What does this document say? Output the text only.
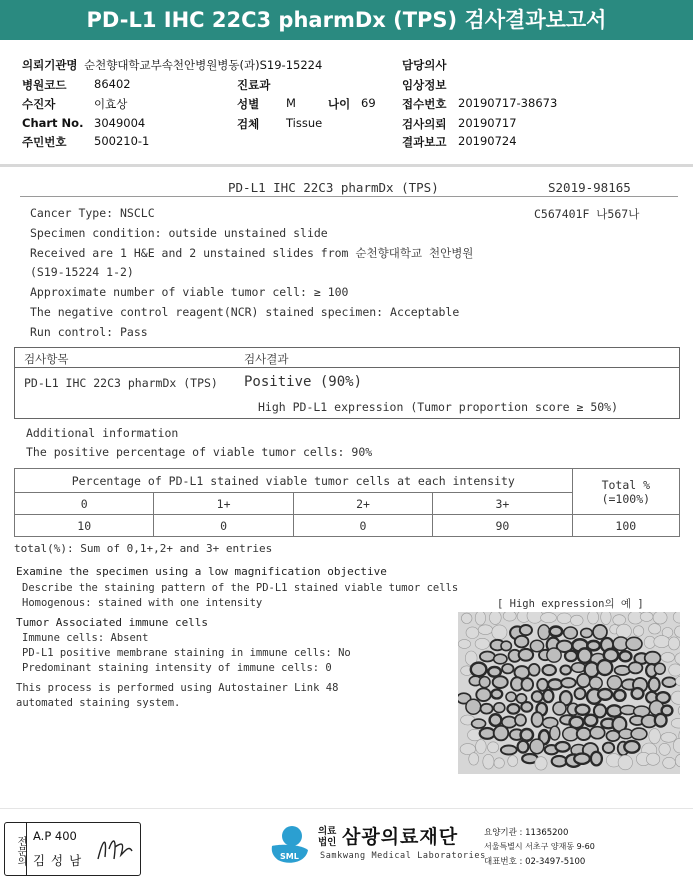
PD-L1 IHC 22C3 pharmDx (TPS) 검사결과보고서
의뢰기관명 순천향대학교부속천안병원병동(과)S19-15224	담당의사
병원코드 86402	진료과	임상정보
수진자	이효상	성별 M	나이 69 접수번호 20190717-38673
Chart No. 3049004	검체 Tissue	검사의뢰 20190717
주민번호 500210-1	결과보고 20190724
PD-L1 IHC 22C3 pharmDx (TPS)	S2019-98165
Cancer Type: NSCLC	C567401F 나567나
Specimen condition: outside unstained slide
Received are 1 H&E and 2 unstained slides from 순천향대학교 천안병원
(S19-15224 1-2)
Approximate number of viable tumor cell: ≥ 100
The negative control reagent(NCR) stained specimen: Acceptable
Run control: Pass
검사항목	검사결과
PD-L1 IHC 22C3 pharmDx (TPS) Positive (90%)
High PD-L1 expression (Tumor proportion score ≥ 50%)
Additional information
The positive percentage of viable tumor cells: 90%
Percentage of PD-L1 stained viable tumor cells at each intensity				Total %
(=100%)

0	1+	2+	3+	
10	0	0	90	100
total(%): Sum of 0,1+,2+ and 3+ entries
Examine the specimen using a low magnification objective
Describe the staining pattern of the PD-L1 stained viable tumor cells
Homogenous: stained with one intensity	[ High expression의 예 ]
Tumor Associated immune cells
Immune cells: Absent
PD-L1 positive membrane staining in immune cells: No
Predominant staining intensity of immune cells: 0
This process is performed using Autostainer Link 48
automated staining system.
전문의 A.P 400
김 성 남	SML
의료
법인 삼광의료재단
Samkwang Medical Laboratories
요양기관 : 11365200
서울특별시 서초구 양재동 9-60
대표번호 : 02-3497-5100
